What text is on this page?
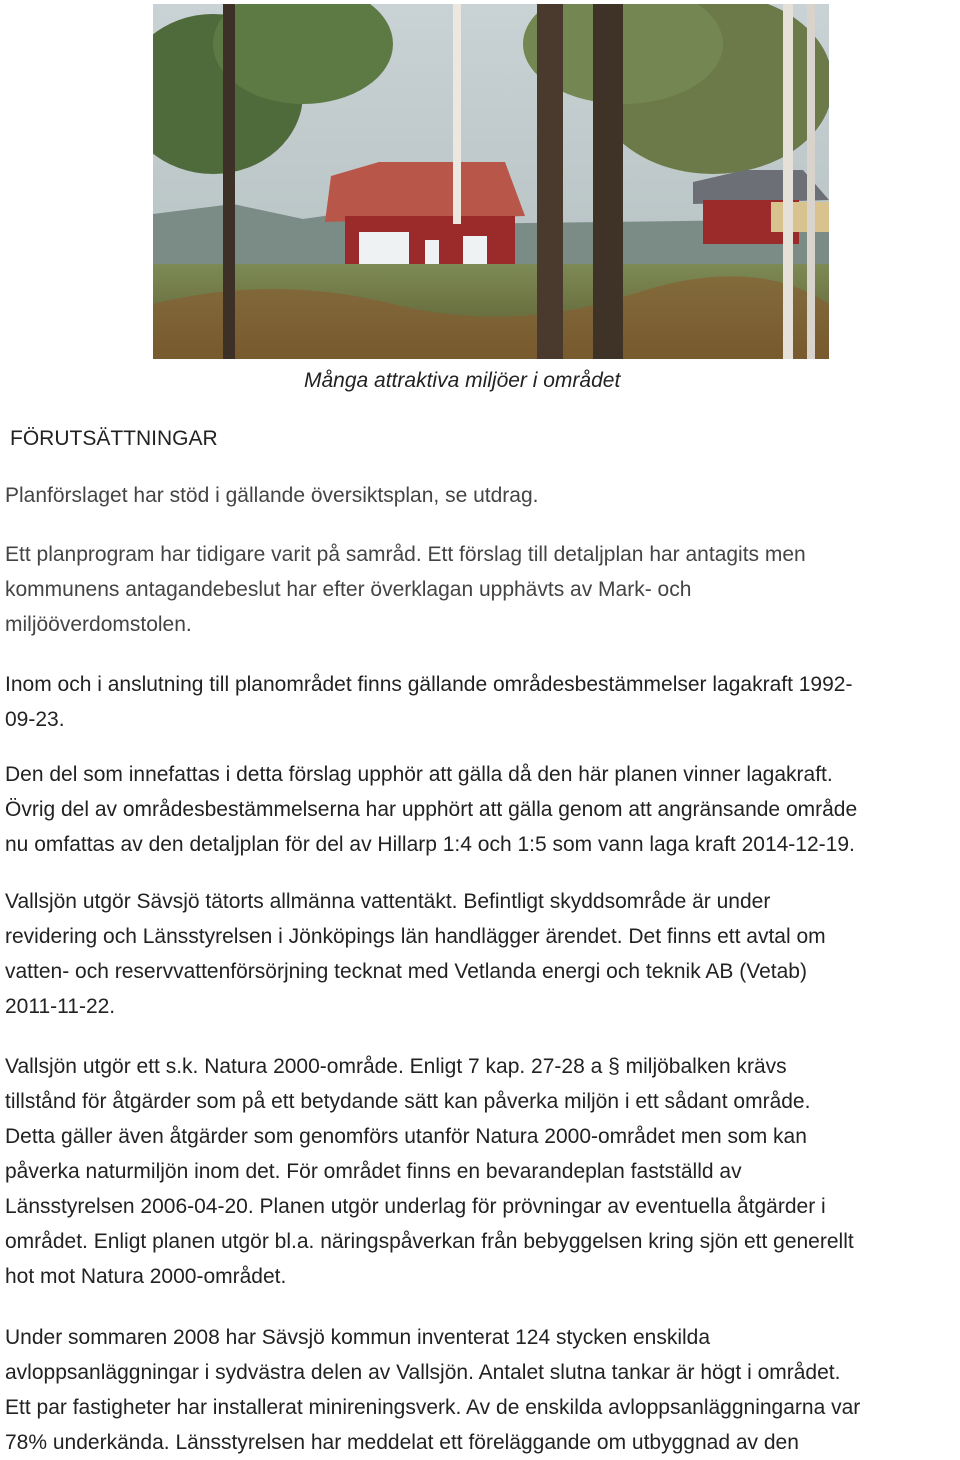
Många attraktiva miljöer i området
FÖRUTSÄTTNINGAR
Planförslaget har stöd i gällande översiktsplan, se utdrag.
Ett planprogram har tidigare varit på samråd. Ett förslag till detaljplan har antagits men
kommunens antagandebeslut har efter överklagan upphävts av Mark- och
miljööverdomstolen.
Inom och i anslutning till planområdet finns gällande områdesbestämmelser lagakraft 1992-
09-23.
Den del som innefattas i detta förslag upphör att gälla då den här planen vinner lagakraft.
Övrig del av områdesbestämmelserna har upphört att gälla genom att angränsande område
nu omfattas av den detaljplan för del av Hillarp 1:4 och 1:5 som vann laga kraft 2014-12-19.
Vallsjön utgör Sävsjö tätorts allmänna vattentäkt. Befintligt skyddsområde är under
revidering och Länsstyrelsen i Jönköpings län handlägger ärendet. Det finns ett avtal om
vatten- och reservvattenförsörjning tecknat med Vetlanda energi och teknik AB (Vetab)
2011-11-22.
Vallsjön utgör ett s.k. Natura 2000-område. Enligt 7 kap. 27-28 a § miljöbalken krävs
tillstånd för åtgärder som på ett betydande sätt kan påverka miljön i ett sådant område.
Detta gäller även åtgärder som genomförs utanför Natura 2000-området men som kan
påverka naturmiljön inom det. För området finns en bevarandeplan fastställd av
Länsstyrelsen 2006-04-20. Planen utgör underlag för prövningar av eventuella åtgärder i
området. Enligt planen utgör bl.a. näringspåverkan från bebyggelsen kring sjön ett generellt
hot mot Natura 2000-området.
Under sommaren 2008 har Sävsjö kommun inventerat 124 stycken enskilda
avloppsanläggningar i sydvästra delen av Vallsjön. Antalet slutna tankar är högt i området.
Ett par fastigheter har installerat minireningsverk. Av de enskilda avloppsanläggningarna var
78% underkända. Länsstyrelsen har meddelat ett föreläggande om utbyggnad av den
